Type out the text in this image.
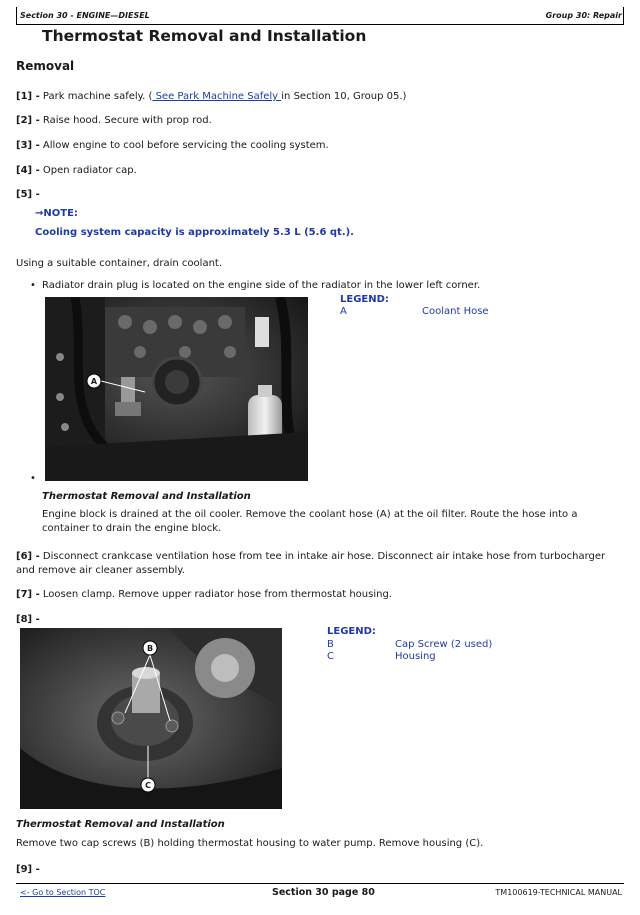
Section 30 - ENGINE—DIESEL	Group 30: Repair
Thermostat Removal and Installation
Removal
[1] - Park machine safely. ( See Park Machine Safely in Section 10, Group 05.)
[2] - Raise hood. Secure with prop rod.
[3] - Allow engine to cool before servicing the cooling system.
[4] - Open radiator cap.
[5] -
→NOTE:
Cooling system capacity is approximately 5.3 L (5.6 qt.).
Using a suitable container, drain coolant.
• Radiator drain plug is located on the engine side of the radiator in the lower left corner.
A
LEGEND:
A	Coolant Hose
•
Thermostat Removal and Installation
Engine block is drained at the oil cooler. Remove the coolant hose (A) at the oil filter. Route the hose into a container to drain the engine block.
[6] - Disconnect crankcase ventilation hose from tee in intake air hose. Disconnect air intake hose from turbocharger and remove air cleaner assembly.
[7] - Loosen clamp. Remove upper radiator hose from thermostat housing.
[8] -
B
C
LEGEND:
B	Cap Screw (2 used)
C	Housing
Thermostat Removal and Installation
Remove two cap screws (B) holding thermostat housing to water pump. Remove housing (C).
[9] -
<- Go to Section TOC	Section 30 page 80	TM100619-TECHNICAL MANUAL
